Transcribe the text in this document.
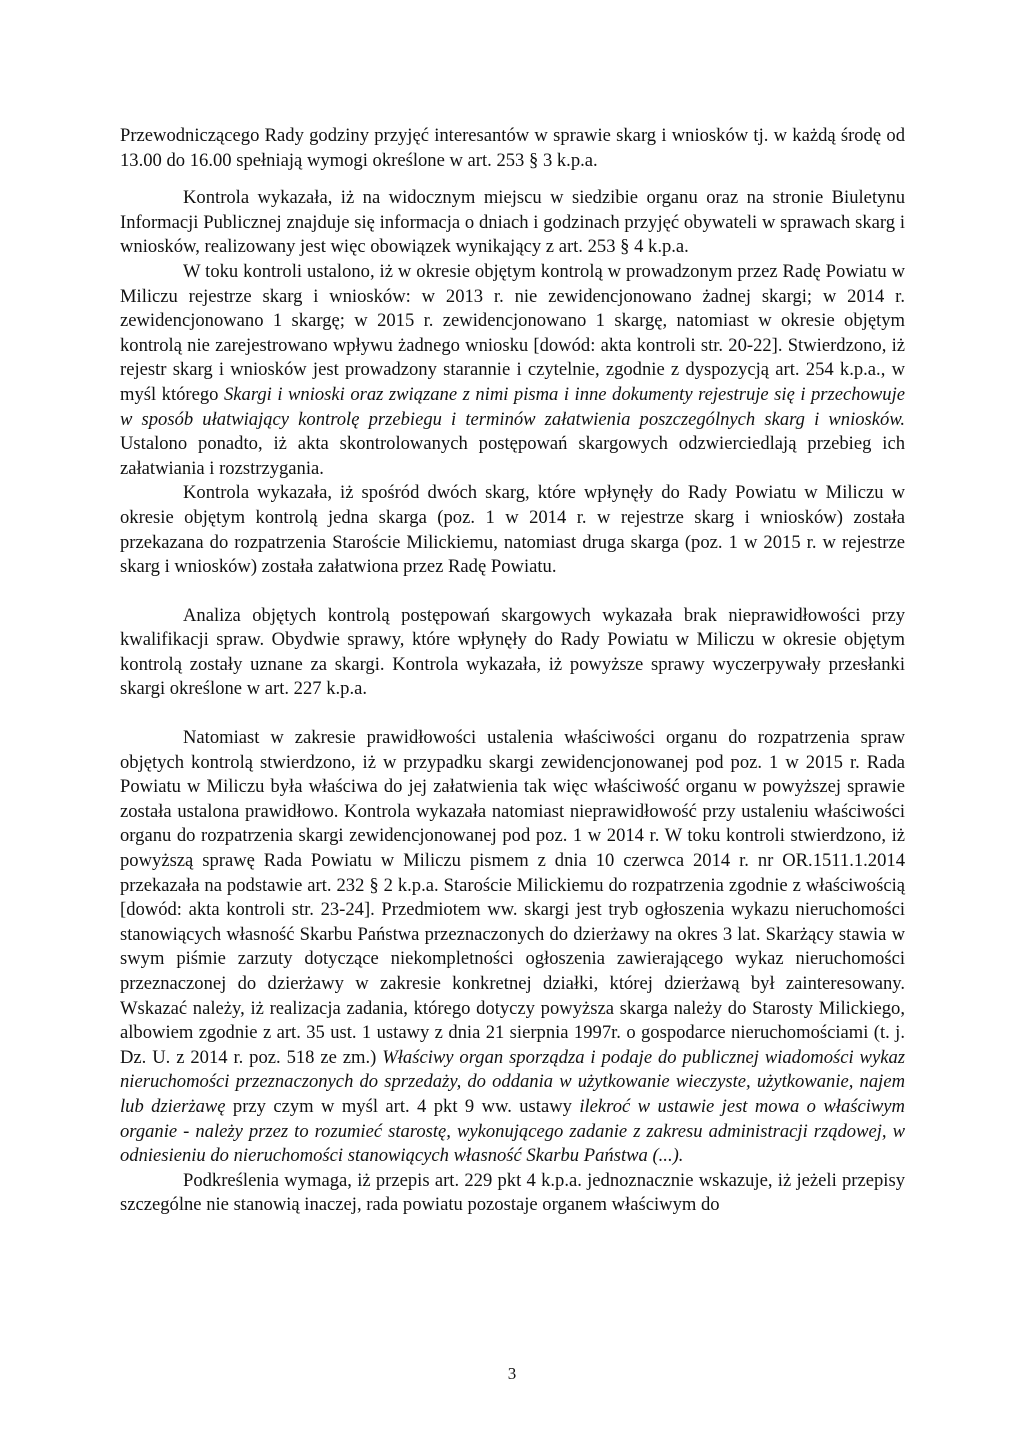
Przewodniczącego Rady godziny przyjęć interesantów w sprawie skarg i wniosków tj. w każdą środę od 13.00 do 16.00 spełniają wymogi określone w art. 253 § 3 k.p.a.

Kontrola wykazała, iż na widocznym miejscu w siedzibie organu oraz na stronie Biuletynu Informacji Publicznej znajduje się informacja o dniach i godzinach przyjęć obywateli w sprawach skarg i wniosków, realizowany jest więc obowiązek wynikający z art. 253 § 4 k.p.a.

W toku kontroli ustalono, iż w okresie objętym kontrolą w prowadzonym przez Radę Powiatu w Miliczu rejestrze skarg i wniosków: w 2013 r. nie zewidencjonowano żadnej skargi; w 2014 r. zewidencjonowano 1 skargę; w 2015 r. zewidencjonowano 1 skargę, natomiast w okresie objętym kontrolą nie zarejestrowano wpływu żadnego wniosku [dowód: akta kontroli str. 20-22]. Stwierdzono, iż rejestr skarg i wniosków jest prowadzony starannie i czytelnie, zgodnie z dyspozycją art. 254 k.p.a., w myśl którego Skargi i wnioski oraz związane z nimi pisma i inne dokumenty rejestruje się i przechowuje w sposób ułatwiający kontrolę przebiegu i terminów załatwienia poszczególnych skarg i wniosków. Ustalono ponadto, iż akta skontrolowanych postępowań skargowych odzwierciedlają przebieg ich załatwiania i rozstrzygania.

Kontrola wykazała, iż spośród dwóch skarg, które wpłynęły do Rady Powiatu w Miliczu w okresie objętym kontrolą jedna skarga (poz. 1 w 2014 r. w rejestrze skarg i wniosków) została przekazana do rozpatrzenia Staroście Milickiemu, natomiast druga skarga (poz. 1 w 2015 r. w rejestrze skarg i wniosków) została załatwiona przez Radę Powiatu.

Analiza objętych kontrolą postępowań skargowych wykazała brak nieprawidłowości przy kwalifikacji spraw. Obydwie sprawy, które wpłynęły do Rady Powiatu w Miliczu w okresie objętym kontrolą zostały uznane za skargi. Kontrola wykazała, iż powyższe sprawy wyczerpywały przesłanki skargi określone w art. 227 k.p.a.

Natomiast w zakresie prawidłowości ustalenia właściwości organu do rozpatrzenia spraw objętych kontrolą stwierdzono, iż w przypadku skargi zewidencjonowanej pod poz. 1 w 2015 r. Rada Powiatu w Miliczu była właściwa do jej załatwienia tak więc właściwość organu w powyższej sprawie została ustalona prawidłowo. Kontrola wykazała natomiast nieprawidłowość przy ustaleniu właściwości organu do rozpatrzenia skargi zewidencjonowanej pod poz. 1 w 2014 r. W toku kontroli stwierdzono, iż powyższą sprawę Rada Powiatu w Miliczu pismem z dnia 10 czerwca 2014 r. nr OR.1511.1.2014 przekazała na podstawie art. 232 § 2 k.p.a. Staroście Milickiemu do rozpatrzenia zgodnie z właściwością [dowód: akta kontroli str. 23-24]. Przedmiotem ww. skargi jest tryb ogłoszenia wykazu nieruchomości stanowiących własność Skarbu Państwa przeznaczonych do dzierżawy na okres 3 lat. Skarżący stawia w swym piśmie zarzuty dotyczące niekompletności ogłoszenia zawierającego wykaz nieruchomości przeznaczonej do dzierżawy w zakresie konkretnej działki, której dzierżawą był zainteresowany. Wskazać należy, iż realizacja zadania, którego dotyczy powyższa skarga należy do Starosty Milickiego, albowiem zgodnie z art. 35 ust. 1 ustawy z dnia 21 sierpnia 1997r. o gospodarce nieruchomościami (t. j. Dz. U. z 2014 r. poz. 518 ze zm.) Właściwy organ sporządza i podaje do publicznej wiadomości wykaz nieruchomości przeznaczonych do sprzedaży, do oddania w użytkowanie wieczyste, użytkowanie, najem lub dzierżawę przy czym w myśl art. 4 pkt 9 ww. ustawy ilekroć w ustawie jest mowa o właściwym organie - należy przez to rozumieć starostę, wykonującego zadanie z zakresu administracji rządowej, w odniesieniu do nieruchomości stanowiących własność Skarbu Państwa (...).

Podkreślenia wymaga, iż przepis art. 229 pkt 4 k.p.a. jednoznacznie wskazuje, iż jeżeli przepisy szczególne nie stanowią inaczej, rada powiatu pozostaje organem właściwym do

3
